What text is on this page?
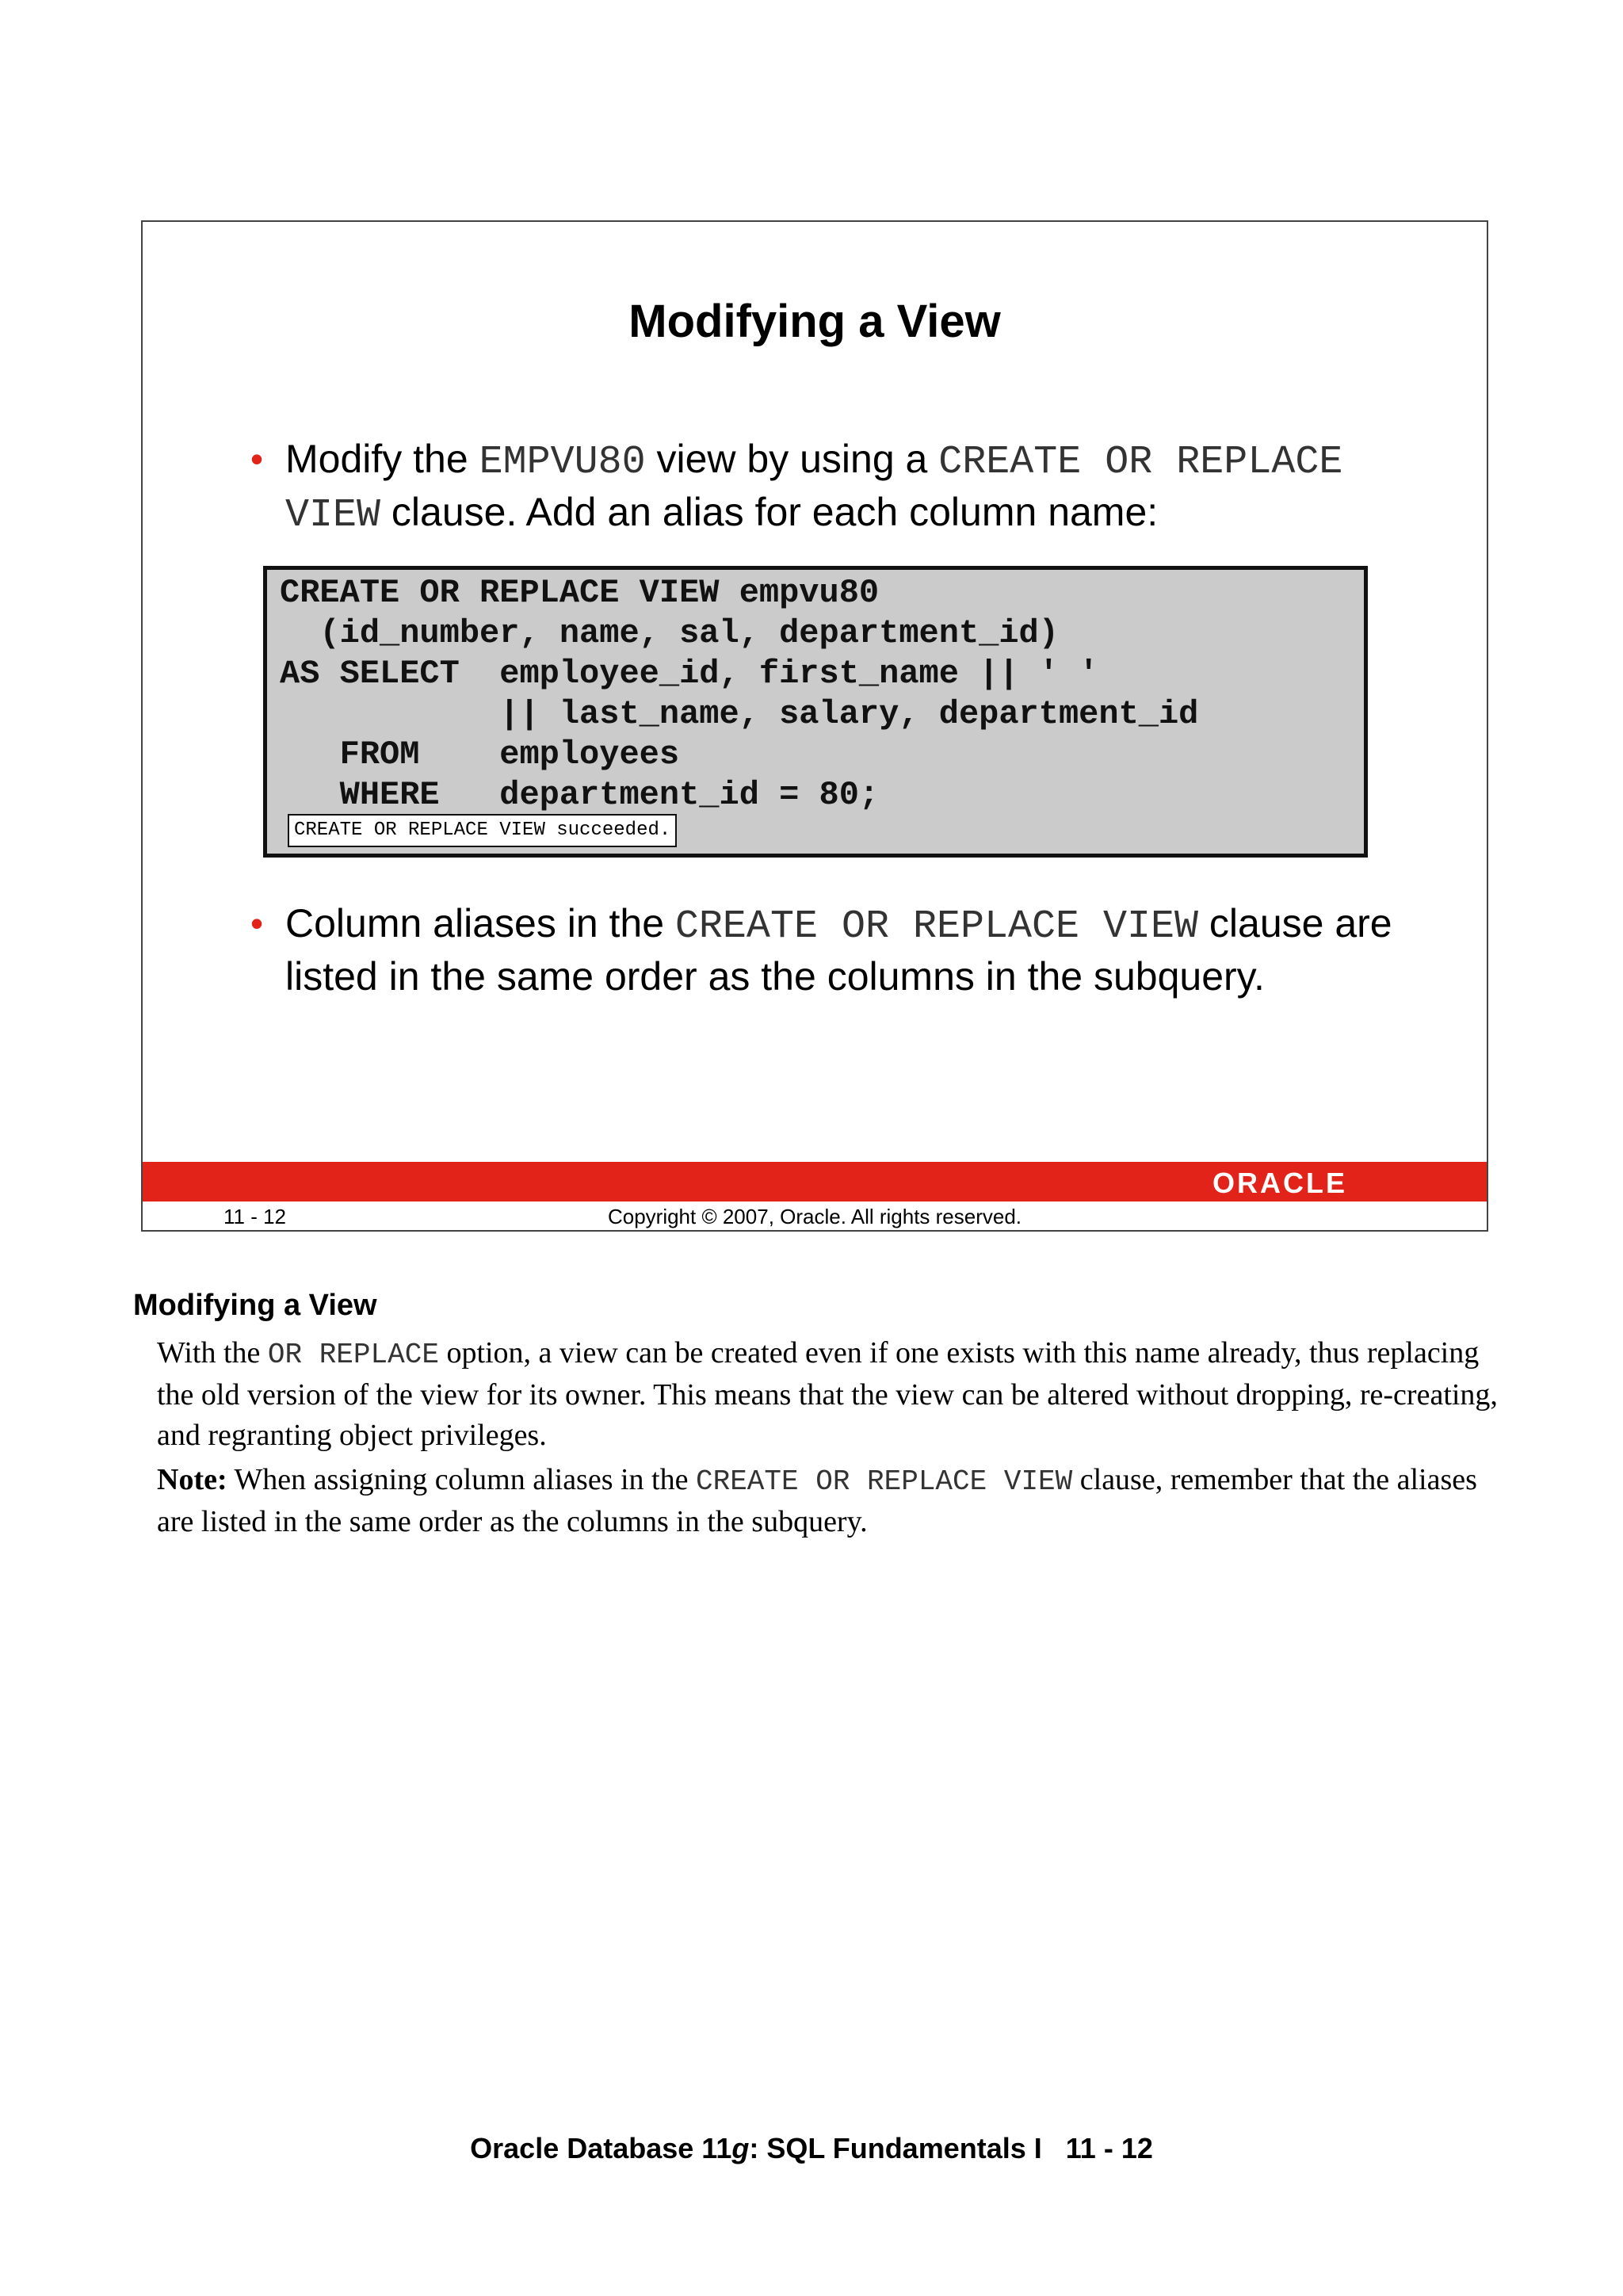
Modifying a View
• Modify the EMPVU80 view by using a CREATE OR REPLACE VIEW clause. Add an alias for each column name:
CREATE OR REPLACE VIEW empvu80
(id_number, name, sal, department_id)
AS SELECT  employee_id, first_name || ' '
|| last_name, salary, department_id
FROM    employees
WHERE   department_id = 80;
CREATE OR REPLACE VIEW succeeded.
• Column aliases in the CREATE OR REPLACE VIEW clause are listed in the same order as the columns in the subquery.
ORACLE
11 - 12	Copyright © 2007, Oracle. All rights reserved.
Modifying a View
With the OR REPLACE option, a view can be created even if one exists with this name already, thus replacing the old version of the view for its owner. This means that the view can be altered without dropping, re-creating, and regranting object privileges.
Note: When assigning column aliases in the CREATE OR REPLACE VIEW clause, remember that the aliases are listed in the same order as the columns in the subquery.
Oracle Database 11g: SQL Fundamentals I   11 - 12
